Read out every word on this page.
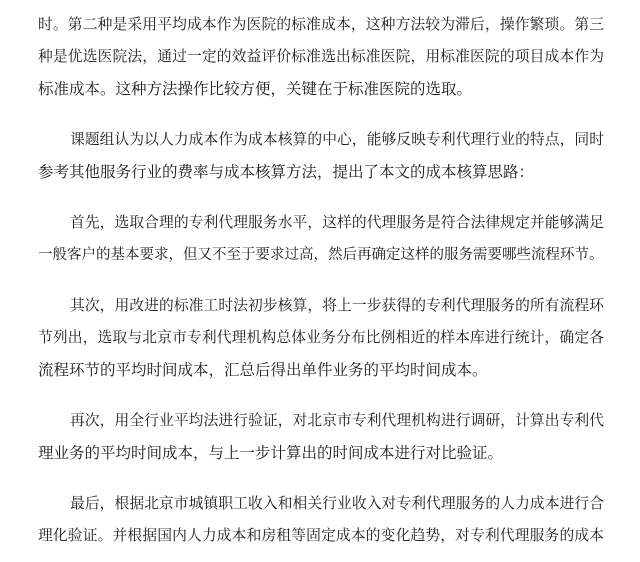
时。第二种是采用平均成本作为医院的标准成本，这种方法较为滞后，操作繁琐。第三
种是优选医院法，通过一定的效益评价标准选出标准医院，用标准医院的项目成本作为
标准成本。这种方法操作比较方便，关键在于标准医院的选取。
课题组认为以人力成本作为成本核算的中心，能够反映专利代理行业的特点，同时
参考其他服务行业的费率与成本核算方法，提出了本文的成本核算思路：
首先，选取合理的专利代理服务水平，这样的代理服务是符合法律规定并能够满足
一般客户的基本要求，但又不至于要求过高，然后再确定这样的服务需要哪些流程环节。
其次，用改进的标准工时法初步核算，将上一步获得的专利代理服务的所有流程环
节列出，选取与北京市专利代理机构总体业务分布比例相近的样本库进行统计，确定各
流程环节的平均时间成本，汇总后得出单件业务的平均时间成本。
再次，用全行业平均法进行验证，对北京市专利代理机构进行调研，计算出专利代
理业务的平均时间成本，与上一步计算出的时间成本进行对比验证。
最后，根据北京市城镇职工收入和相关行业收入对专利代理服务的人力成本进行合
理化验证。并根据国内人力成本和房租等固定成本的变化趋势，对专利代理服务的成本
